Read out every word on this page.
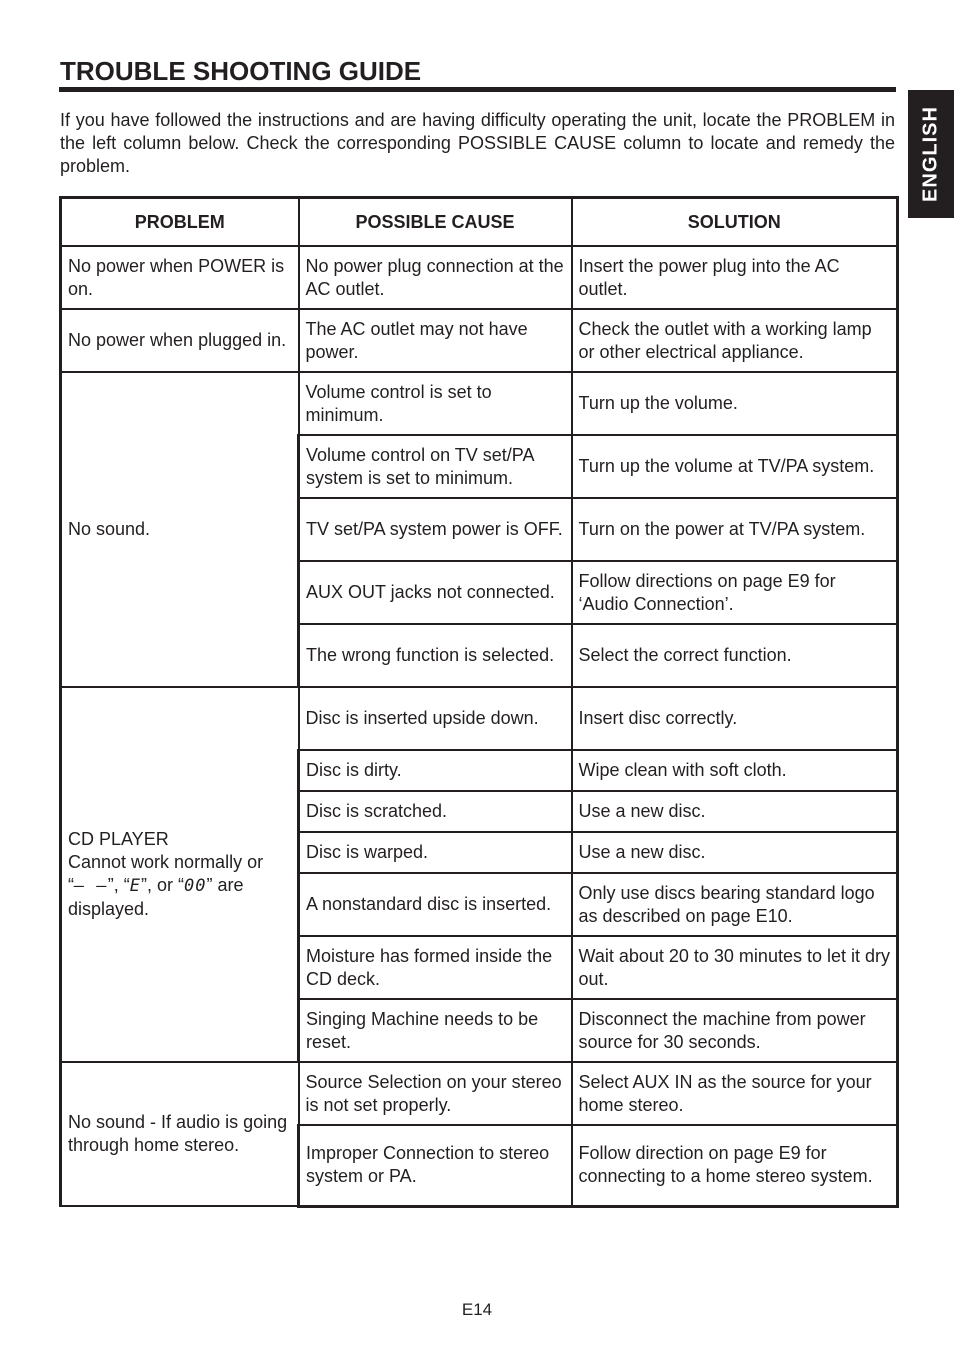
TROUBLE SHOOTING GUIDE

If you have followed the instructions and are having difficulty operating the unit, locate the PROBLEM in the left column below. Check the corresponding POSSIBLE CAUSE column to locate and remedy the problem.	ENGLISH
PROBLEM	POSSIBLE CAUSE	SOLUTION
No power when POWER is on.	No power plug connection at the AC outlet.	Insert the power plug into the AC outlet.
No power when plugged in.	The AC outlet may not have power.	Check the outlet with a working lamp or other electrical appliance.
No sound.	Volume control is set to minimum.	Turn up the volume.
	Volume control on TV set/PA system is set to minimum.	Turn up the volume at TV/PA system.
	TV set/PA system power is OFF.	Turn on the power at TV/PA system.
	AUX OUT jacks not connected.	Follow directions on page E9 for ‘Audio Connection’.
	The wrong function is selected.	Select the correct function.
CD PLAYER
Cannot work normally or
“– –”, “E”, or “00” are
displayed.	Disc is inserted upside down.	Insert disc correctly.
	Disc is dirty.	Wipe clean with soft cloth.
	Disc is scratched.	Use a new disc.
	Disc is warped.	Use a new disc.
	A nonstandard disc is inserted.	Only use discs bearing standard logo as described on page E10.
	Moisture has formed inside the CD deck.	Wait about 20 to 30 minutes to let it dry out.
	Singing Machine needs to be reset.	Disconnect the machine from power source for 30 seconds.
No sound - If audio is going through home stereo.	Source Selection on your stereo is not set properly.	Select AUX IN as the source for your home stereo.
	Improper Connection to stereo system or PA.	Follow direction on page E9 for connecting to a home stereo system.
E14
